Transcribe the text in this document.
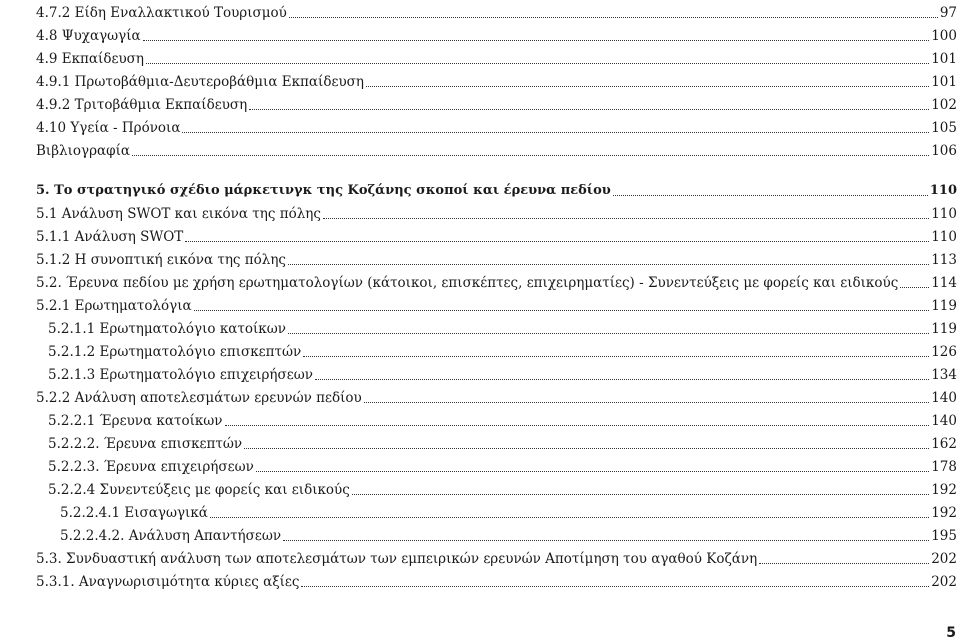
4.7.2 Είδη Εναλλακτικού Τουρισμού	97
4.8 Ψυχαγωγία	100
4.9 Εκπαίδευση	101
4.9.1 Πρωτοβάθμια-Δευτεροβάθμια Εκπαίδευση	101
4.9.2 Τριτοβάθμια Εκπαίδευση	102
4.10 Υγεία - Πρόνοια	105
Βιβλιογραφία	106
5. Το στρατηγικό σχέδιο μάρκετινγκ της Κοζάνης σκοποί και έρευνα πεδίου	110
5.1 Ανάλυση SWOT και εικόνα της πόλης	110
5.1.1 Ανάλυση SWOT	110
5.1.2 Η συνοπτική εικόνα της πόλης	113
5.2. Έρευνα πεδίου με χρήση ερωτηματολογίων (κάτοικοι, επισκέπτες, επιχειρηματίες) - Συνεντεύξεις με φορείς και ειδικούς 114
5.2.1 Ερωτηματολόγια	119
5.2.1.1 Ερωτηματολόγιο κατοίκων	119
5.2.1.2 Ερωτηματολόγιο επισκεπτών	126
5.2.1.3 Ερωτηματολόγιο επιχειρήσεων	134
5.2.2 Ανάλυση αποτελεσμάτων ερευνών πεδίου	140
5.2.2.1 Έρευνα κατοίκων	140
5.2.2.2. Έρευνα επισκεπτών	162
5.2.2.3. Έρευνα επιχειρήσεων	178
5.2.2.4 Συνεντεύξεις με φορείς και ειδικούς	192
5.2.2.4.1 Εισαγωγικά	192
5.2.2.4.2. Ανάλυση Απαντήσεων	195
5.3. Συνδυαστική ανάλυση των αποτελεσμάτων των εμπειρικών ερευνών Αποτίμηση του αγαθού Κοζάνη	202
5.3.1. Αναγνωρισιμότητα κύριες αξίες	202
5
